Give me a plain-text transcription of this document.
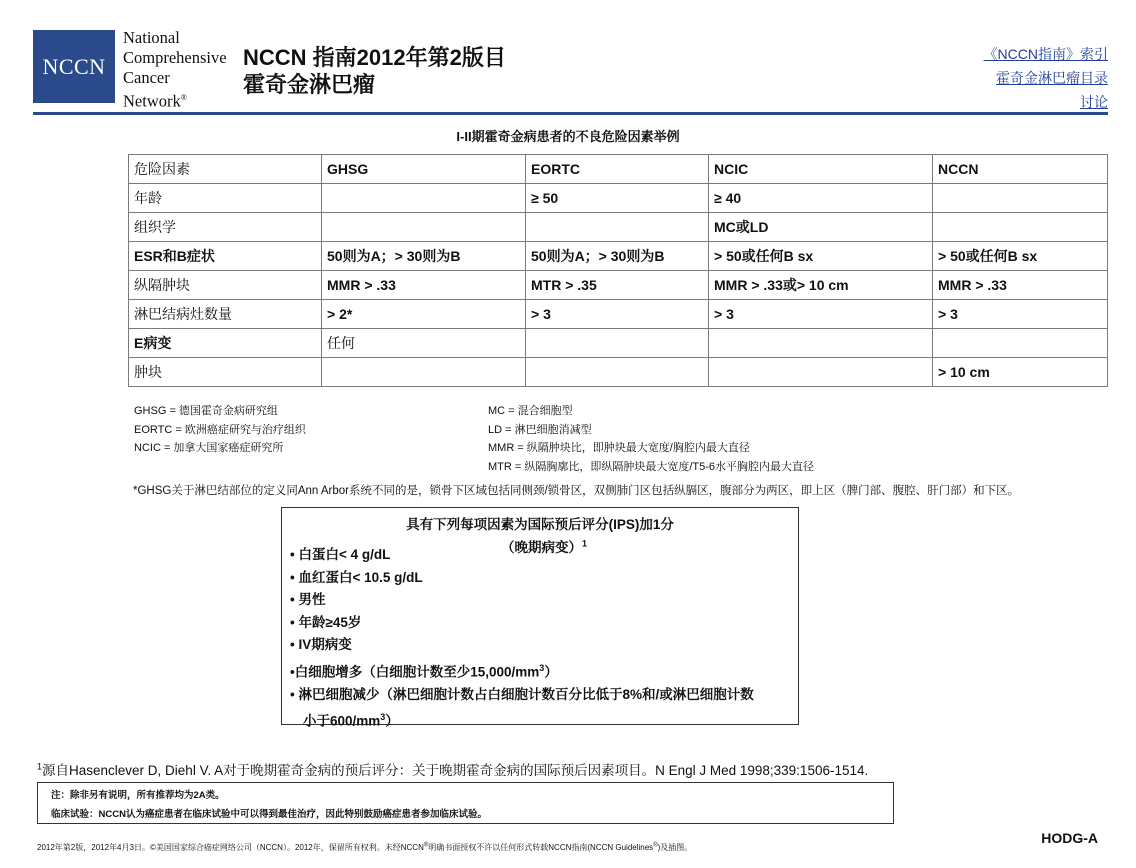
NCCN
National
Comprehensive
Cancer
Network®
NCCN 指南2012年第2版目
霍奇金淋巴瘤
《NCCN指南》索引
霍奇金淋巴瘤目录
讨论
I-II期霍奇金病患者的不良危险因素举例
危险因素	GHSG	EORTC	NCIC	NCCN
年龄		≥ 50	≥ 40	
组织学			MC或LD	
ESR和B症状	50则为A；> 30则为B	50则为A；> 30则为B	> 50或任何B sx	> 50或任何B sx
纵隔肿块	MMR > .33	MTR > .35	MMR > .33或> 10 cm	MMR > .33
淋巴结病灶数量	> 2*	> 3	> 3	> 3
E病变	任何			
肿块				> 10 cm
GHSG = 德国霍奇金病研究组
EORTC = 欧洲癌症研究与治疗组织
NCIC = 加拿大国家癌症研究所
MC = 混合细胞型
LD = 淋巴细胞消减型
MMR = 纵隔肿块比，即肿块最大宽度/胸腔内最大直径
MTR = 纵隔胸廓比，即纵隔肿块最大宽度/T5-6水平胸腔内最大直径
*GHSG关于淋巴结部位的定义同Ann Arbor系统不同的是，锁骨下区域包括同侧颈/锁骨区，双侧肺门区包括纵膈区，腹部分为两区，即上区（脾门部、腹腔、肝门部）和下区。
具有下列每项因素为国际预后评分(IPS)加1分
（晚期病变）$^1$
• 白蛋白< 4 g/dL
• 血红蛋白< 10.5 g/dL
• 男性
• 年龄≥45岁
• IV期病变
•白细胞增多（白细胞计数至少$15,000/mm^3$）
• 淋巴细胞减少（淋巴细胞计数占白细胞计数百分比低于8%和/或淋巴细胞计数
小于$600/mm^3$）
$^1$源自Hasenclever D, Diehl V. A对于晚期霍奇金病的预后评分：关于晚期霍奇金病的国际预后因素项目。N Engl J Med 1998;339:1506-1514.
注：除非另有说明，所有推荐均为2A类。
临床试验：NCCN认为癌症患者在临床试验中可以得到最佳治疗，因此特别鼓励癌症患者参加临床试验。
2012年第2版，2012年4月3日。©美国国家综合癌症网络公司（NCCN）。2012年，保留所有权利。未经NCCN®明确书面授权不许以任何形式转载NCCN指南(NCCN Guidelines®)及插图。
HODG-A
